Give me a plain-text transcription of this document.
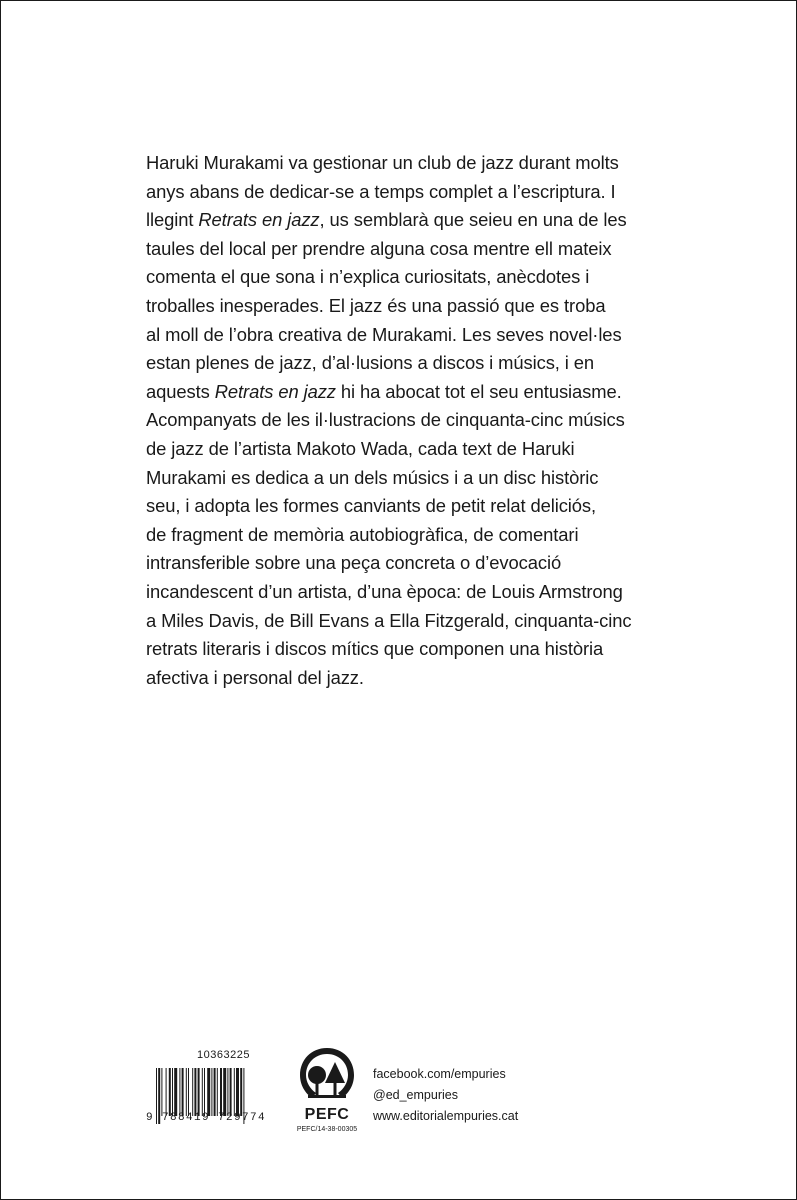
Haruki Murakami va gestionar un club de jazz durant molts
anys abans de dedicar-se a temps complet a l’escriptura. I
llegint Retrats en jazz, us semblarà que seieu en una de les
taules del local per prendre alguna cosa mentre ell mateix
comenta el que sona i n’explica curiositats, anècdotes i
troballes inesperades. El jazz és una passió que es troba
al moll de l’obra creativa de Murakami. Les seves novel·les
estan plenes de jazz, d’al·lusions a discos i músics, i en
aquests Retrats en jazz hi ha abocat tot el seu entusiasme.
Acompanyats de les il·lustracions de cinquanta-cinc músics
de jazz de l’artista Makoto Wada, cada text de Haruki
Murakami es dedica a un dels músics i a un disc històric
seu, i adopta les formes canviants de petit relat deliciós,
de fragment de memòria autobiogràfica, de comentari
intransferible sobre una peça concreta o d’evocació
incandescent d’un artista, d’una època: de Louis Armstrong
a Miles Davis, de Bill Evans a Ella Fitzgerald, cinquanta-cinc
retrats literaris i discos mítics que componen una història
afectiva i personal del jazz.
10363225
9 788419 729774	PEFC
PEFC/14-38-00305
facebook.com/empuries
@ed_empuries
www.editorialempuries.cat
